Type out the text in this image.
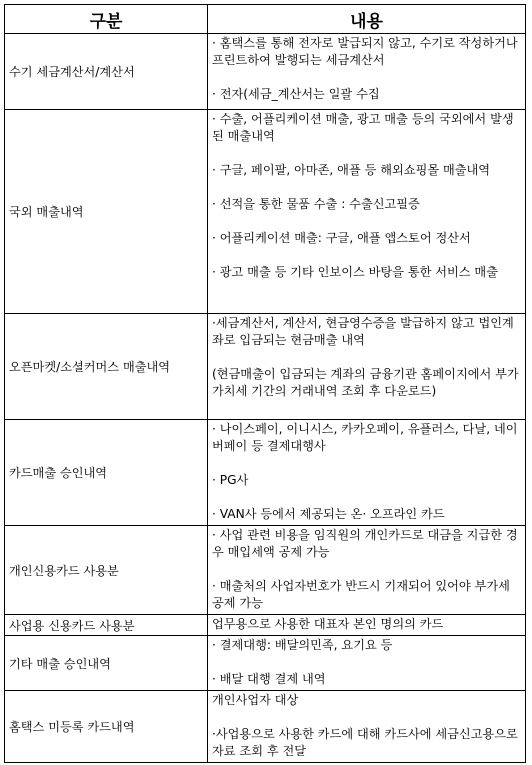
구분	내용
수기 세금계산서/계산서	· 홈택스를 통해 전자로 발급되지 않고, 수기로 작성하거나 프린트하여 발행되는 세금계산서

· 전자(세금_계산서는 일괄 수집

국외 매출내역	· 수출, 어플리케이션 매출, 광고 매출 등의 국외에서 발생된 매출내역

· 구글, 페이팔, 아마존, 애플 등 해외쇼핑몰 매출내역

· 선적을 통한 물품 수출 : 수출신고필증

· 어플리케이션 매출: 구글, 애플 앱스토어 정산서

· 광고 매출 등 기타 인보이스 바탕을 통한 서비스 매출

오픈마켓/소셜커머스 매출내역	·세금계산서, 계산서, 현금영수증을 발급하지 않고 법인계좌로 입금되는 현금매출 내역

(현금매출이 입금되는 계좌의 금융기관 홈페이지에서 부가가치세 기간의 거래내역 조회 후 다운로드)

카드매출 승인내역	· 나이스페이, 이니시스, 카카오페이, 유플러스, 다날, 네이버페이 등 결제대행사

· PG사

· VAN사 등에서 제공되는 온· 오프라인 카드

개인신용카드 사용분	· 사업 관련 비용을 임직원의 개인카드로 대금을 지급한 경우 매입세액 공제 가능

· 매출처의 사업자번호가 반드시 기재되어 있어야 부가세 공제 가능

사업용 신용카드 사용분	업무용으로 사용한 대표자 본인 명의의 카드

기타 매출 승인내역	· 결제대행: 배달의민족, 요기요 등

· 배달 대행 결제 내역

홈택스 미등록 카드내역	개인사업자 대상

·사업용으로 사용한 카드에 대해 카드사에 세금신고용으로 자료 조회 후 전달
